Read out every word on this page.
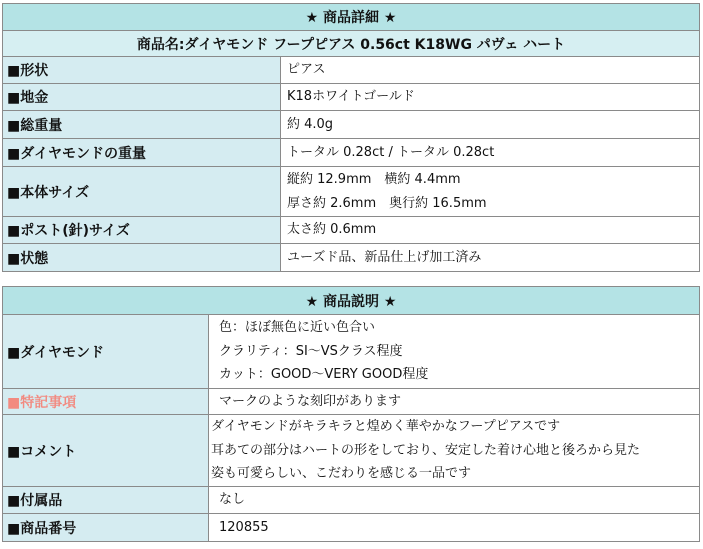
★ 商品詳細 ★	
商品名:ダイヤモンド フープピアス 0.56ct K18WG パヴェ ハート	
■形状	ピアス

■地金	K18ホワイトゴールド

■総重量	約 4.0g

■ダイヤモンドの重量	トータル 0.28ct / トータル 0.28ct

■本体サイズ	縦約 12.9mm　横約 4.4mm
厚さ約 2.6mm　奥行約 16.5mm

■ポスト(針)サイズ	太さ約 0.6mm

■状態	ユーズド品、新品仕上げ加工済み
★ 商品説明 ★	
■ダイヤモンド	色：ほぼ無色に近い色合い
クラリティ：SI～VSクラス程度
カット：GOOD～VERY GOOD程度

■特記事項	マークのような刻印があります

■コメント	ダイヤモンドがキラキラと煌めく華やかなフープピアスです
耳あての部分はハートの形をしており、安定した着け心地と後ろから見た
姿も可愛らしい、こだわりを感じる一品です

■付属品	なし

■商品番号	120855
